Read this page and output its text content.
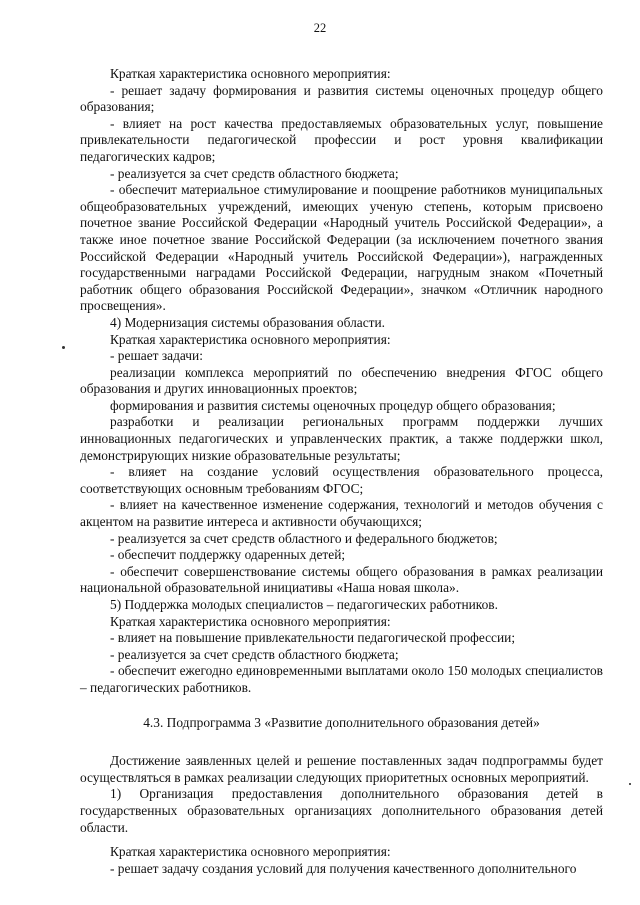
22

Краткая характеристика основного мероприятия:

- решает задачу формирования и развития системы оценочных процедур общего образования;

- влияет на рост качества предоставляемых образовательных услуг, повышение привлекательности педагогической профессии и рост уровня квалификации педагогических кадров;

- реализуется за счет средств областного бюджета;

- обеспечит материальное стимулирование и поощрение работников муниципальных общеобразовательных учреждений, имеющих ученую степень, которым присвоено почетное звание Российской Федерации «Народный учитель Российской Федерации», а также иное почетное звание Российской Федерации (за исключением почетного звания Российской Федерации «Народный учитель Российской Федерации»), награжденных государственными наградами Российской Федерации, нагрудным знаком «Почетный работник общего образования Российской Федерации», значком «Отличник народного просвещения».

4) Модернизация системы образования области.

Краткая характеристика основного мероприятия:

- решает задачи:

реализации комплекса мероприятий по обеспечению внедрения ФГОС общего образования и других инновационных проектов;

формирования и развития системы оценочных процедур общего образования;

разработки и реализации региональных программ поддержки лучших инновационных педагогических и управленческих практик, а также поддержки школ, демонстрирующих низкие образовательные результаты;

- влияет на создание условий осуществления образовательного процесса, соответствующих основным требованиям ФГОС;

- влияет на качественное изменение содержания, технологий и методов обучения с акцентом на развитие интереса и активности обучающихся;

- реализуется за счет средств областного и федерального бюджетов;

- обеспечит поддержку одаренных детей;

- обеспечит совершенствование системы общего образования в рамках реализации национальной образовательной инициативы «Наша новая школа».

5) Поддержка молодых специалистов – педагогических работников.

Краткая характеристика основного мероприятия:

- влияет на повышение привлекательности педагогической профессии;

- реализуется за счет средств областного бюджета;

- обеспечит ежегодно единовременными выплатами около 150 молодых специалистов – педагогических работников.

4.3. Подпрограмма 3 «Развитие дополнительного образования детей»

Достижение заявленных целей и решение поставленных задач подпрограммы будет осуществляться в рамках реализации следующих приоритетных основных мероприятий.

1) Организация предоставления дополнительного образования детей в государственных образовательных организациях дополнительного образования детей области.

Краткая характеристика основного мероприятия:

- решает задачу создания условий для получения качественного дополнительного
